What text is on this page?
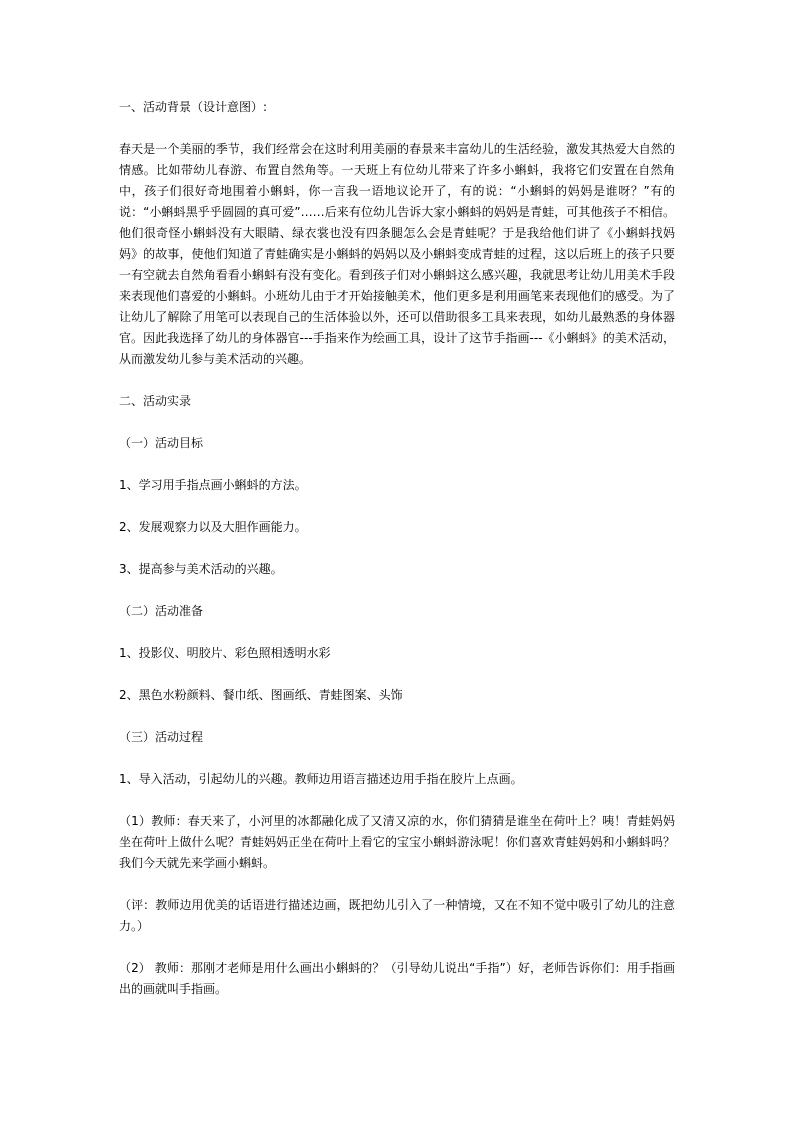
一、活动背景（设计意图）:

春天是一个美丽的季节，我们经常会在这时利用美丽的春景来丰富幼儿的生活经验，激发其热爱大自然的情感。比如带幼儿春游、布置自然角等。一天班上有位幼儿带来了许多小蝌蚪，我将它们安置在自然角中，孩子们很好奇地围着小蝌蚪，你一言我一语地议论开了，有的说：“小蝌蚪的妈妈是谁呀？”有的说：“小蝌蚪黑乎乎圆圆的真可爱”……后来有位幼儿告诉大家小蝌蚪的妈妈是青蛙，可其他孩子不相信。他们很奇怪小蝌蚪没有大眼睛、绿衣裳也没有四条腿怎么会是青蛙呢？于是我给他们讲了《小蝌蚪找妈妈》的故事，使他们知道了青蛙确实是小蝌蚪的妈妈以及小蝌蚪变成青蛙的过程，这以后班上的孩子只要一有空就去自然角看看小蝌蚪有没有变化。看到孩子们对小蝌蚪这么感兴趣，我就思考让幼儿用美术手段来表现他们喜爱的小蝌蚪。小班幼儿由于才开始接触美术，他们更多是利用画笔来表现他们的感受。为了让幼儿了解除了用笔可以表现自己的生活体验以外，还可以借助很多工具来表现，如幼儿最熟悉的身体器官。因此我选择了幼儿的身体器官---手指来作为绘画工具，设计了这节手指画---《小蝌蚪》的美术活动，从而激发幼儿参与美术活动的兴趣。

二、活动实录

（一）活动目标

1、学习用手指点画小蝌蚪的方法。

2、发展观察力以及大胆作画能力。

3、提高参与美术活动的兴趣。

（二）活动准备

1、投影仪、明胶片、彩色照相透明水彩

2、黑色水粉颜料、餐巾纸、图画纸、青蛙图案、头饰

（三）活动过程

1、导入活动，引起幼儿的兴趣。教师边用语言描述边用手指在胶片上点画。

（1）教师：春天来了，小河里的冰都融化成了又清又凉的水，你们猜猜是谁坐在荷叶上？咦！青蛙妈妈坐在荷叶上做什么呢？青蛙妈妈正坐在荷叶上看它的宝宝小蝌蚪游泳呢！你们喜欢青蛙妈妈和小蝌蚪吗？我们今天就先来学画小蝌蚪。

（评：教师边用优美的话语进行描述边画，既把幼儿引入了一种情境，又在不知不觉中吸引了幼儿的注意力。）

（2） 教师：那刚才老师是用什么画出小蝌蚪的？（引导幼儿说出“手指”）好，老师告诉你们：用手指画出的画就叫手指画。
